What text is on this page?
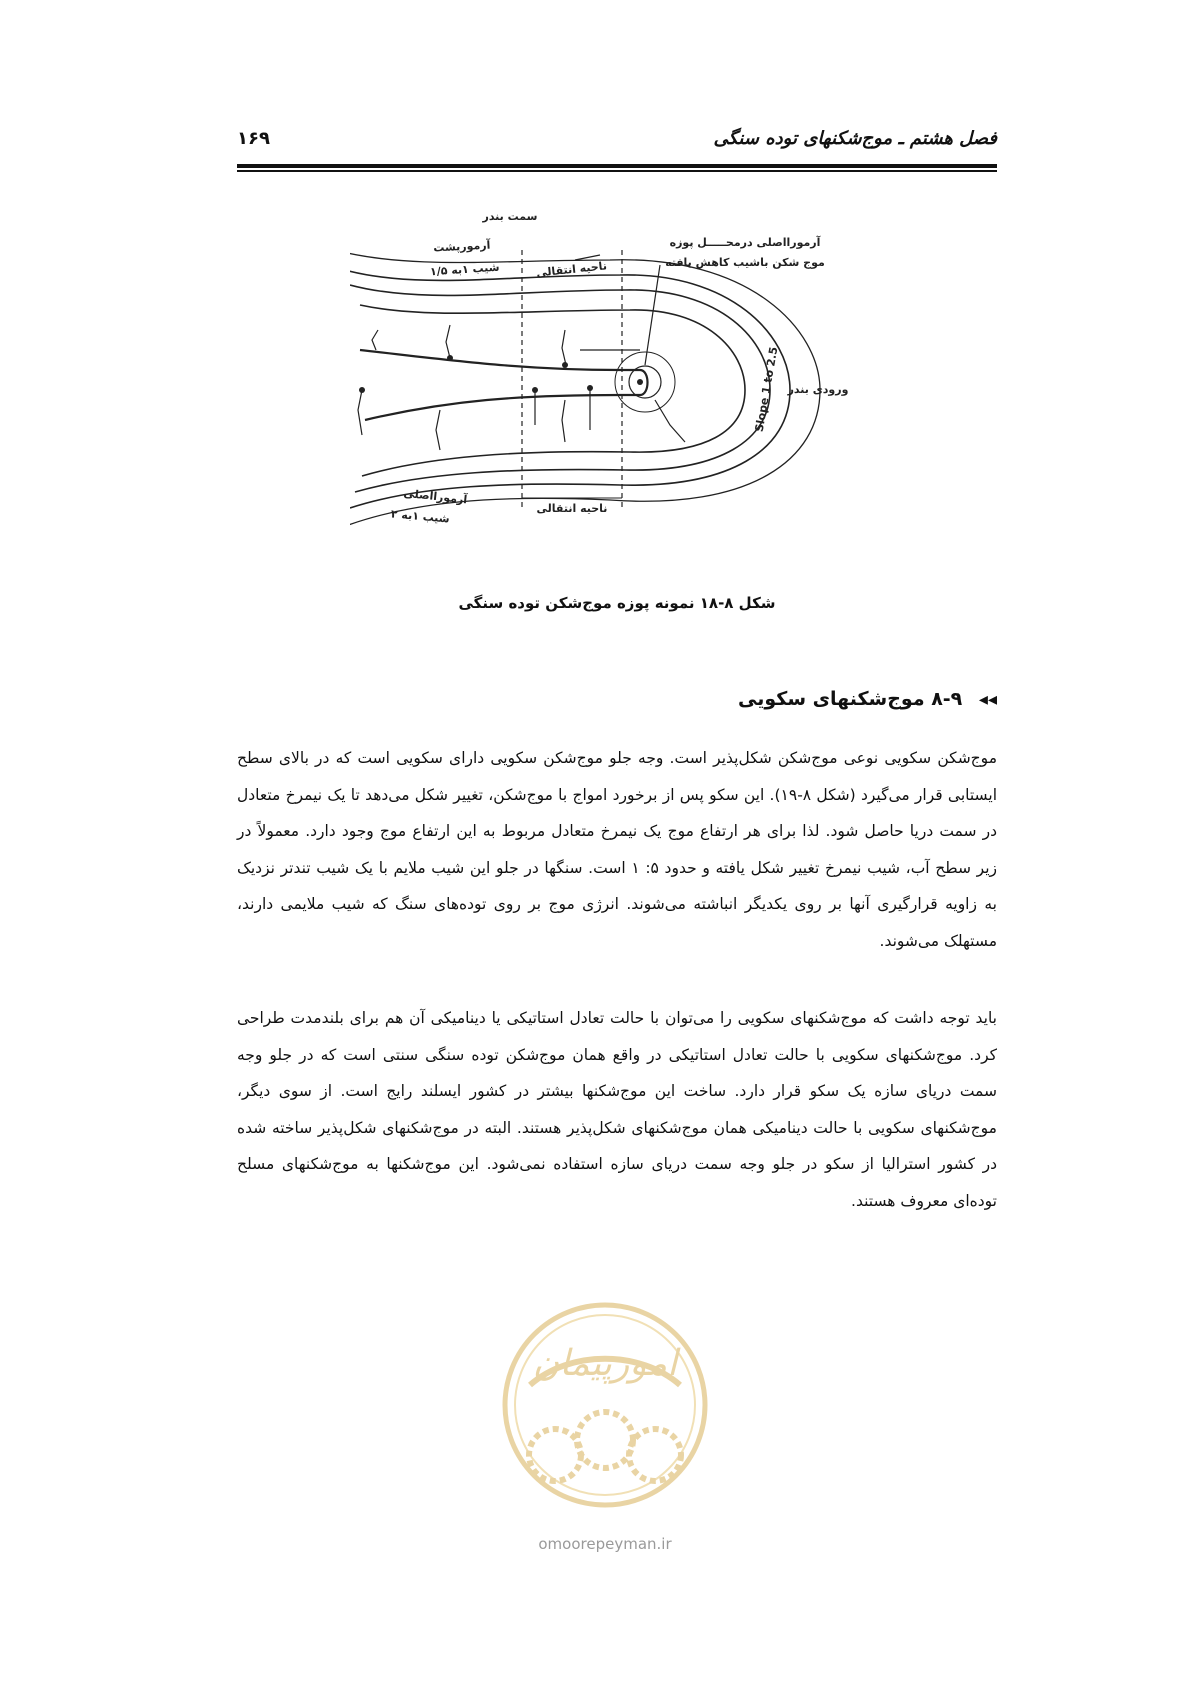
فصل هشتم ـ موج‌شکنهای توده سنگی
۱۶۹
سمت بندر
آرمورپشت
شیب ۱به ۱/۵	ناحیه انتقالی
آرمورااصلی درمحـــــل پوزه
موج شکن باشیب کاهش یافته
ورودی بندر
Slope 1 to 2.5
آرمورااصلی
شیب ۱به ۲
ناحیه انتقالی
شکل ۸-۱۸ نمونه پوزه موج‌شکن توده سنگی
◂◂ ۸-۹ موج‌شکنهای سکویی
موج‌شکن سکویی نوعی موج‌شکن شکل‌پذیر است. وجه جلو موج‌شکن سکویی دارای سکویی است که در بالای سطح ایستابی قرار می‌گیرد (شکل ۸-۱۹). این سکو پس از برخورد امواج با موج‌شکن، تغییر شکل می‌دهد تا یک نیمرخ متعادل در سمت دریا حاصل شود. لذا برای هر ارتفاع موج یک نیمرخ متعادل مربوط به این ارتفاع موج وجود دارد. معمولاً در زیر سطح آب، شیب نیمرخ تغییر شکل یافته و حدود ۵: ۱ است. سنگها در جلو این شیب ملایم با یک شیب تندتر نزدیک به زاویه قرارگیری آنها بر روی یکدیگر انباشته می‌شوند. انرژی موج بر روی توده‌های سنگ که شیب ملایمی دارند، مستهلک می‌شوند.
باید توجه داشت که موج‌شکنهای سکویی را می‌توان با حالت تعادل استاتیکی یا دینامیکی آن هم برای بلندمدت طراحی کرد. موج‌شکنهای سکویی با حالت تعادل استاتیکی در واقع همان موج‌شکن توده سنگی سنتی است که در جلو وجه سمت دریای سازه یک سکو قرار دارد. ساخت این موج‌شکنها بیشتر در کشور ایسلند رایج است. از سوی دیگر، موج‌شکنهای سکویی با حالت دینامیکی همان موج‌شکنهای شکل‌پذیر هستند. البته در موج‌شکنهای شکل‌پذیر ساخته شده در کشور استرالیا از سکو در جلو وجه سمت دریای سازه استفاده نمی‌شود. این موج‌شکنها به موج‌شکنهای مسلح توده‌ای معروف هستند.
امورپیمان
omoorepeyman.ir
